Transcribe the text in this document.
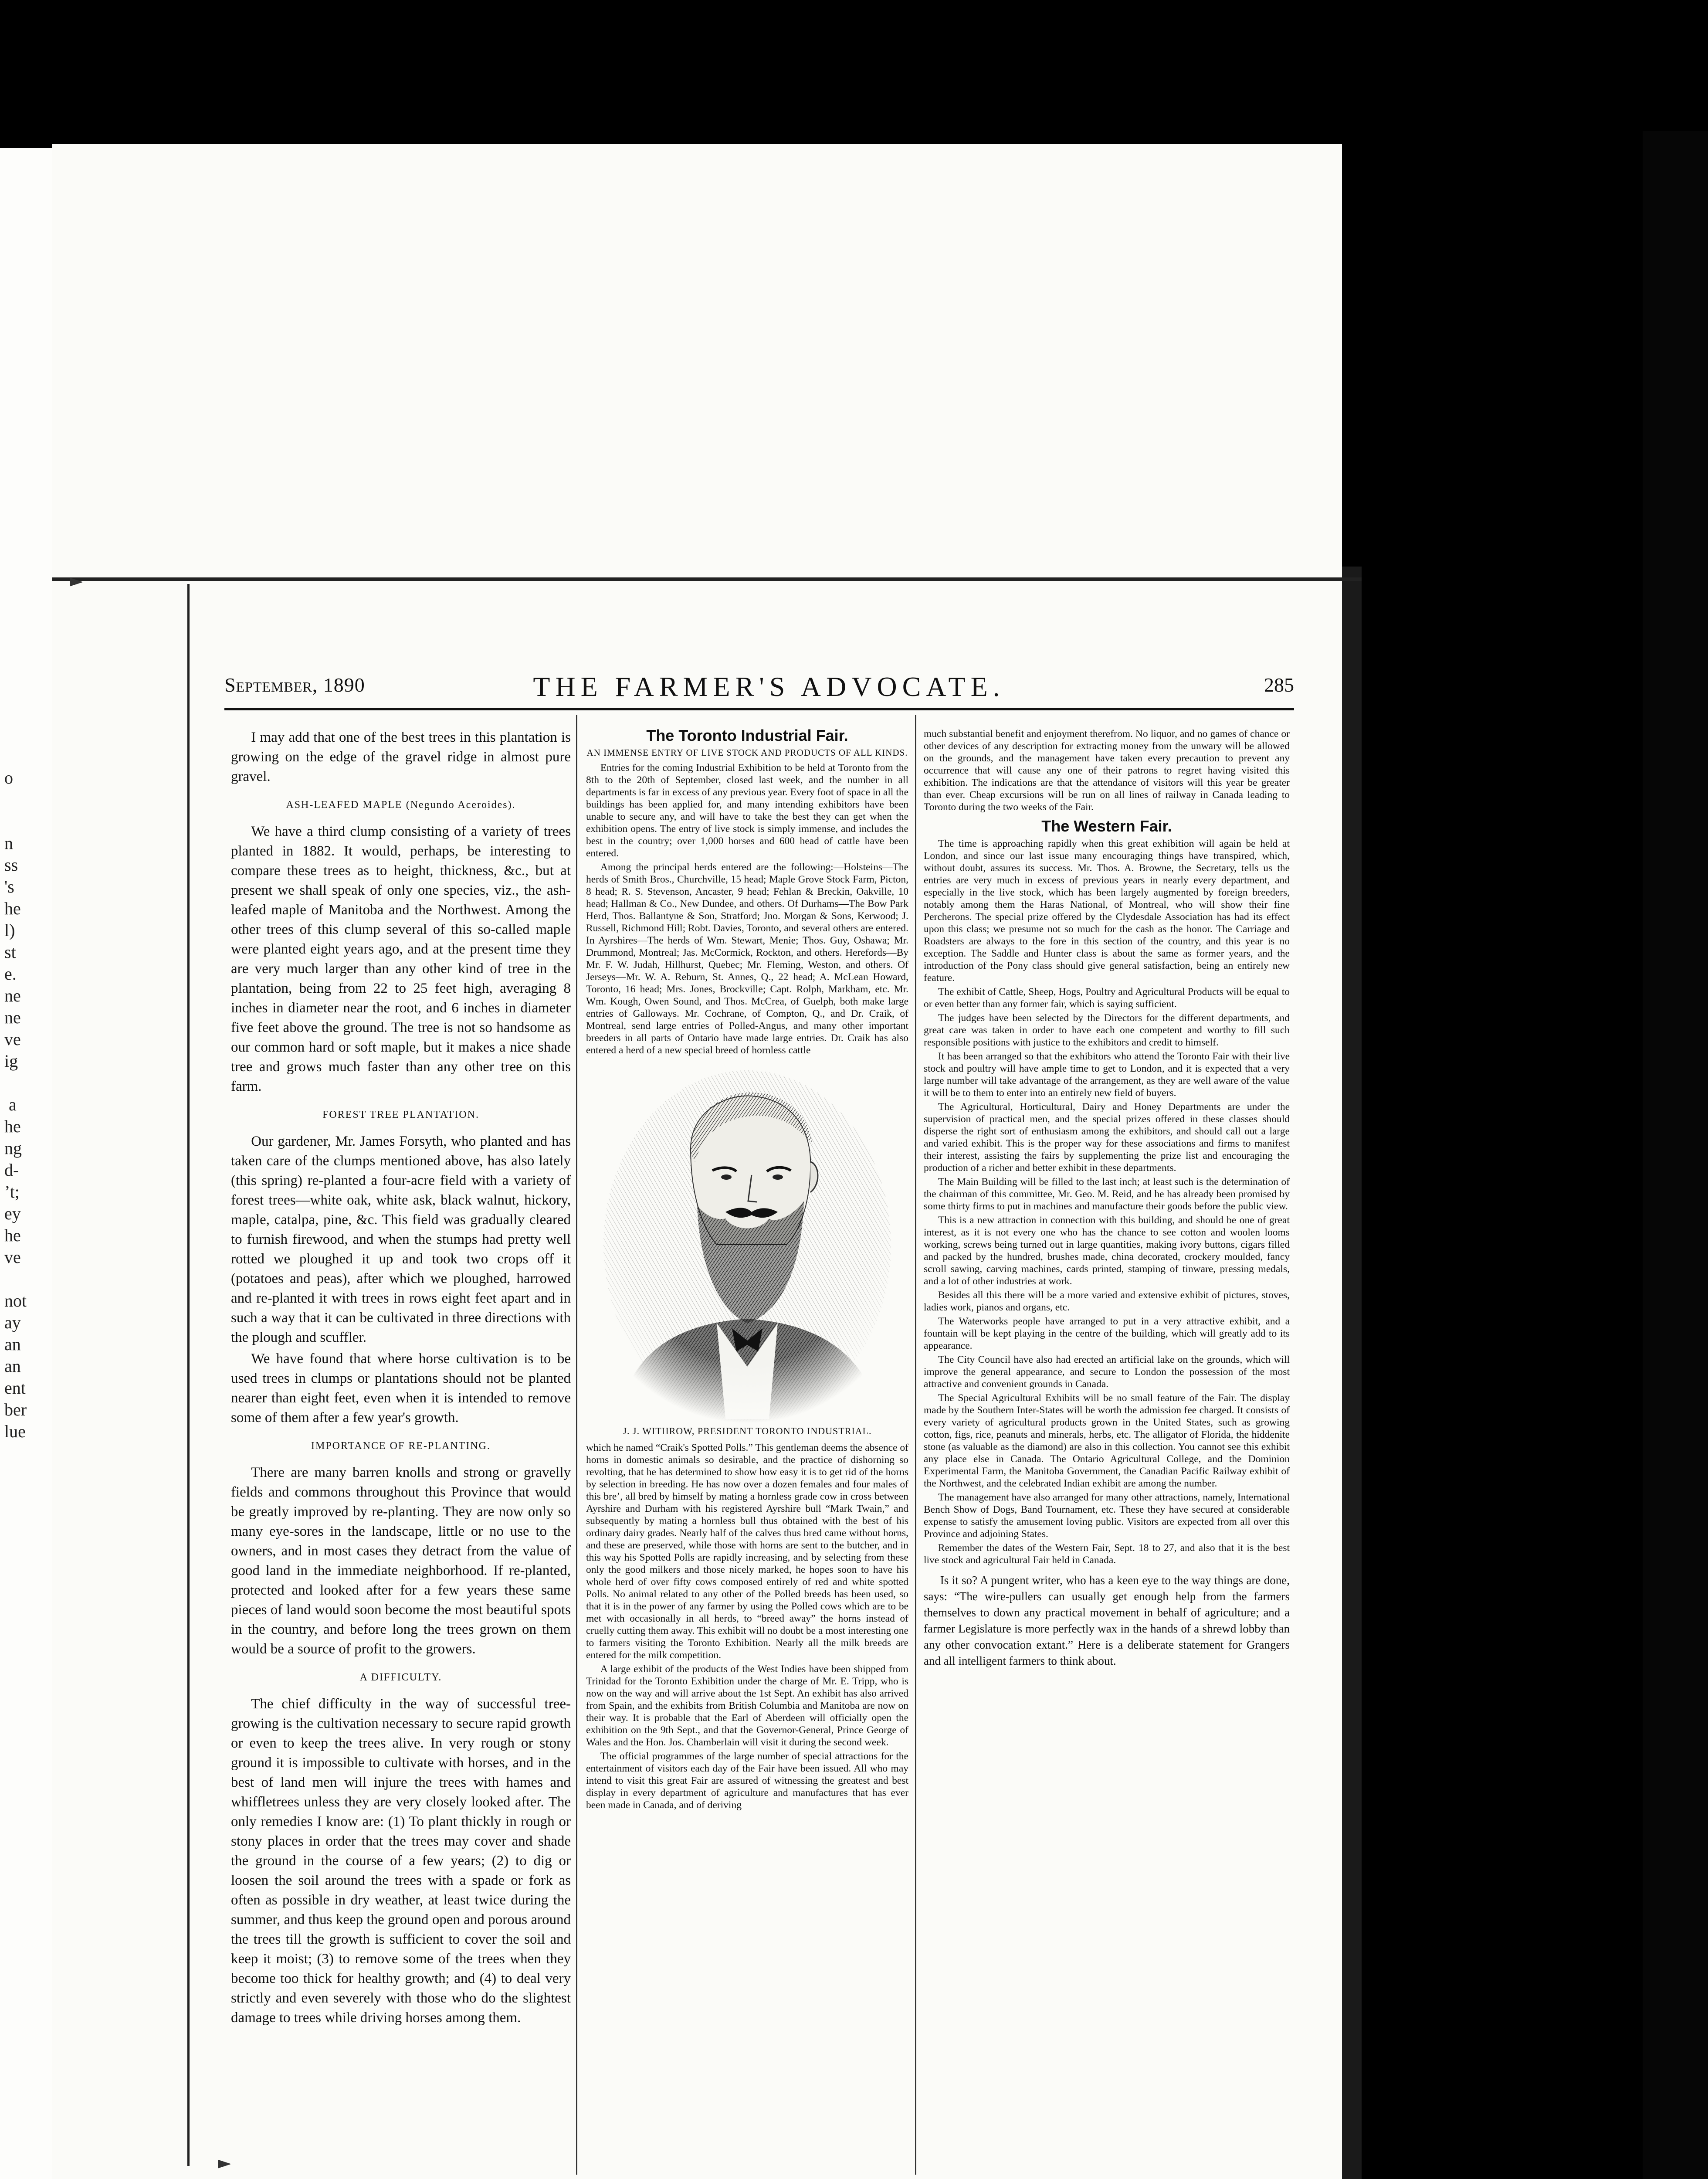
o

n
ss
's
he
l)
st
e.
ne
ne
ve
ig

a
he
ng
d-
’t;
ey
he
ve

not
ay
an
an
ent
ber
lue
►
►
September, 1890	THE FARMER'S ADVOCATE.	285

I may add that one of the best trees in this plantation is growing on the edge of the gravel ridge in almost pure gravel.

ASH-LEAFED MAPLE (Negundo Acеroides).

We have a third clump consisting of a variety of trees planted in 1882. It would, perhaps, be interesting to compare these trees as to height, thickness, &c., but at present we shall speak of only one species, viz., the ash-leafed maple of Manitoba and the Northwest. Among the other trees of this clump several of this so-called maple were planted eight years ago, and at the present time they are very much larger than any other kind of tree in the plantation, being from 22 to 25 feet high, averaging 8 inches in diameter near the root, and 6 inches in diameter five feet above the ground. The tree is not so handsome as our common hard or soft maple, but it makes a nice shade tree and grows much faster than any other tree on this farm.

FOREST TREE PLANTATION.

Our gardener, Mr. James Forsyth, who planted and has taken care of the clumps mentioned above, has also lately (this spring) re-planted a four-acre field with a variety of forest trees—white oak, white ask, black walnut, hickory, maple, catalpa, pine, &c. This field was gradually cleared to furnish firewood, and when the stumps had pretty well rotted we ploughed it up and took two crops off it (potatoes and peas), after which we ploughed, harrowed and re-planted it with trees in rows eight feet apart and in such a way that it can be cultivated in three directions with the plough and scuffler.

We have found that where horse cultivation is to be used trees in clumps or plantations should not be planted nearer than eight feet, even when it is intended to remove some of them after a few year's growth.

IMPORTANCE OF RE-PLANTING.

There are many barren knolls and strong or gravelly fields and commons throughout this Province that would be greatly improved by re-planting. They are now only so many eye-sores in the landscape, little or no use to the owners, and in most cases they detract from the value of good land in the immediate neighborhood. If re-planted, protected and looked after for a few years these same pieces of land would soon become the most beautiful spots in the country, and before long the trees grown on them would be a source of profit to the growers.

A DIFFICULTY.

The chief difficulty in the way of successful tree-growing is the cultivation necessary to secure rapid growth or even to keep the trees alive. In very rough or stony ground it is impossible to cultivate with horses, and in the best of land men will injure the trees with hames and whiffletrees unless they are very closely looked after. The only remedies I know are: (1) To plant thickly in rough or stony places in order that the trees may cover and shade the ground in the course of a few years; (2) to dig or loosen the soil around the trees with a spade or fork as often as possible in dry weather, at least twice during the summer, and thus keep the ground open and porous around the trees till the growth is sufficient to cover the soil and keep it moist; (3) to remove some of the trees when they become too thick for healthy growth; and (4) to deal very strictly and even severely with those who do the slightest damage to trees while driving horses among them.

The Toronto Industrial Fair.
AN IMMENSE ENTRY OF LIVE STOCK AND PRODUCTS OF ALL KINDS.

Entries for the coming Industrial Exhibition to be held at Toronto from the 8th to the 20th of September, closed last week, and the number in all departments is far in excess of any previous year. Every foot of space in all the buildings has been applied for, and many intending exhibitors have been unable to secure any, and will have to take the best they can get when the exhibition opens. The entry of live stock is simply immense, and includes the best in the country; over 1,000 horses and 600 head of cattle have been entered.

Among the principal herds entered are the following:—Holsteins—The herds of Smith Bros., Churchville, 15 head; Maple Grove Stock Farm, Picton, 8 head; R. S. Stevenson, Ancaster, 9 head; Fehlan & Breckin, Oakville, 10 head; Hallman & Co., New Dundee, and others. Of Durhams—The Bow Park Herd, Thos. Ballantyne & Son, Stratford; Jno. Morgan & Sons, Kerwood; J. Russell, Richmond Hill; Robt. Davies, Toronto, and several others are entered. In Ayrshires—The herds of Wm. Stewart, Menie; Thos. Guy, Oshawa; Mr. Drummond, Montreal; Jas. McCormick, Rockton, and others. Herefords—By Mr. F. W. Judah, Hillhurst, Quebec; Mr. Fleming, Weston, and others. Of Jerseys—Mr. W. A. Reburn, St. Annes, Q., 22 head; A. McLean Howard, Toronto, 16 head; Mrs. Jones, Brockville; Capt. Rolph, Markham, etc. Mr. Wm. Kough, Owen Sound, and Thos. McCrea, of Guelph, both make large entries of Galloways. Mr. Cochrane, of Compton, Q., and Dr. Craik, of Montreal, send large entries of Polled-Angus, and many other important breeders in all parts of Ontario have made large entries. Dr. Craik has also entered a herd of a new special breed of hornless cattle

J. J. WITHROW, PRESIDENT TORONTO INDUSTRIAL.

which he named “Craik's Spotted Polls.” This gentleman deems the absence of horns in domestic animals so desirable, and the practice of dishorning so revolting, that he has determined to show how easy it is to get rid of the horns by selection in breeding. He has now over a dozen females and four males of this bre’, all bred by himself by mating a hornless grade cow in cross between Ayrshire and Durham with his registered Ayrshire bull “Mark Twain,” and subsequently by mating a hornless bull thus obtained with the best of his ordinary dairy grades. Nearly half of the calves thus bred came without horns, and these are preserved, while those with horns are sent to the butcher, and in this way his Spotted Polls are rapidly increasing, and by selecting from these only the good milkers and those nicely marked, he hopes soon to have his whole herd of over fifty cows composed entirely of red and white spotted Polls. No animal related to any other of the Polled breeds has been used, so that it is in the power of any farmer by using the Polled cows which are to be met with occasionally in all herds, to “breed away” the horns instead of cruelly cutting them away. This exhibit will no doubt be a most interesting one to farmers visiting the Toronto Exhibition. Nearly all the milk breeds are entered for the milk competition.

A large exhibit of the products of the West Indies have been shipped from Trinidad for the Toronto Exhibition under the charge of Mr. E. Tripp, who is now on the way and will arrive about the 1st Sept. An exhibit has also arrived from Spain, and the exhibits from British Columbia and Manitoba are now on their way. It is probable that the Earl of Aberdeen will officially open the exhibition on the 9th Sept., and that the Governor-General, Prince George of Wales and the Hon. Jos. Chamberlain will visit it during the second week.

The official programmes of the large number of special attractions for the entertainment of visitors each day of the Fair have been issued. All who may intend to visit this great Fair are assured of witnessing the greatest and best display in every department of agriculture and manufactures that has ever been made in Canada, and of deriving

much substantial benefit and enjoyment therefrom. No liquor, and no games of chance or other devices of any description for extracting money from the unwary will be allowed on the grounds, and the management have taken every precaution to prevent any occurrence that will cause any one of their patrons to regret having visited this exhibition. The indications are that the attendance of visitors will this year be greater than ever. Cheap excursions will be run on all lines of railway in Canada leading to Toronto during the two weeks of the Fair.

The Western Fair.

The time is approaching rapidly when this great exhibition will again be held at London, and since our last issue many encouraging things have transpired, which, without doubt, assures its success. Mr. Thos. A. Browne, the Secretary, tells us the entries are very much in excess of previous years in nearly every department, and especially in the live stock, which has been largely augmented by foreign breeders, notably among them the Haras National, of Montreal, who will show their fine Percherons. The special prize offered by the Clydesdale Association has had its effect upon this class; we presume not so much for the cash as the honor. The Carriage and Roadsters are always to the fore in this section of the country, and this year is no exception. The Saddle and Hunter class is about the same as former years, and the introduction of the Pony class should give general satisfaction, being an entirely new feature.

The exhibit of Cattle, Sheep, Hogs, Poultry and Agricultural Products will be equal to or even better than any former fair, which is saying sufficient.

The judges have been selected by the Directors for the different departments, and great care was taken in order to have each one competent and worthy to fill such responsible positions with justice to the exhibitors and credit to himself.

It has been arranged so that the exhibitors who attend the Toronto Fair with their live stock and poultry will have ample time to get to London, and it is expected that a very large number will take advantage of the arrangement, as they are well aware of the value it will be to them to enter into an entirely new field of buyers.

The Agricultural, Horticultural, Dairy and Honey Departments are under the supervision of practical men, and the special prizes offered in these classes should disperse the right sort of enthusiasm among the exhibitors, and should call out a large and varied exhibit. This is the proper way for these associations and firms to manifest their interest, assisting the fairs by supplementing the prize list and encouraging the production of a richer and better exhibit in these departments.

The Main Building will be filled to the last inch; at least such is the determination of the chairman of this committee, Mr. Geo. M. Reid, and he has already been promised by some thirty firms to put in machines and manufacture their goods before the public view.

This is a new attraction in connection with this building, and should be one of great interest, as it is not every one who has the chance to see cotton and woolen looms working, screws being turned out in large quantities, making ivory buttons, cigars filled and packed by the hundred, brushes made, china decorated, crockery moulded, fancy scroll sawing, carving machines, cards printed, stamping of tinware, pressing medals, and a lot of other industries at work.

Besides all this there will be a more varied and extensive exhibit of pictures, stoves, ladies work, pianos and organs, etc.

The Waterworks people have arranged to put in a very attractive exhibit, and a fountain will be kept playing in the centre of the building, which will greatly add to its appearance.

The City Council have also had erected an artificial lake on the grounds, which will improve the general appearance, and secure to London the possession of the most attractive and convenient grounds in Canada.

The Special Agricultural Exhibits will be no small feature of the Fair. The display made by the Southern Inter-States will be worth the admission fee charged. It consists of every variety of agricultural products grown in the United States, such as growing cotton, figs, rice, peanuts and minerals, herbs, etc. The alligator of Florida, the hiddenite stone (as valuable as the diamond) are also in this collection. You cannot see this exhibit any place else in Canada. The Ontario Agricultural College, and the Dominion Experimental Farm, the Manitoba Government, the Canadian Pacific Railway exhibit of the Northwest, and the celebrated Indian exhibit are among the number.

The management have also arranged for many other attractions, namely, International Bench Show of Dogs, Band Tournament, etc. These they have secured at considerable expense to satisfy the amusement loving public. Visitors are expected from all over this Province and adjoining States.

Remember the dates of the Western Fair, Sept. 18 to 27, and also that it is the best live stock and agricultural Fair held in Canada.

Is it so? A pungent writer, who has a keen eye to the way things are done, says: “The wire-pullers can usually get enough help from the farmers themselves to down any practical movement in behalf of agriculture; and a farmer Legislature is more perfectly wax in the hands of a shrewd lobby than any other convocation extant.” Here is a deliberate statement for Grangers and all intelligent farmers to think about.
